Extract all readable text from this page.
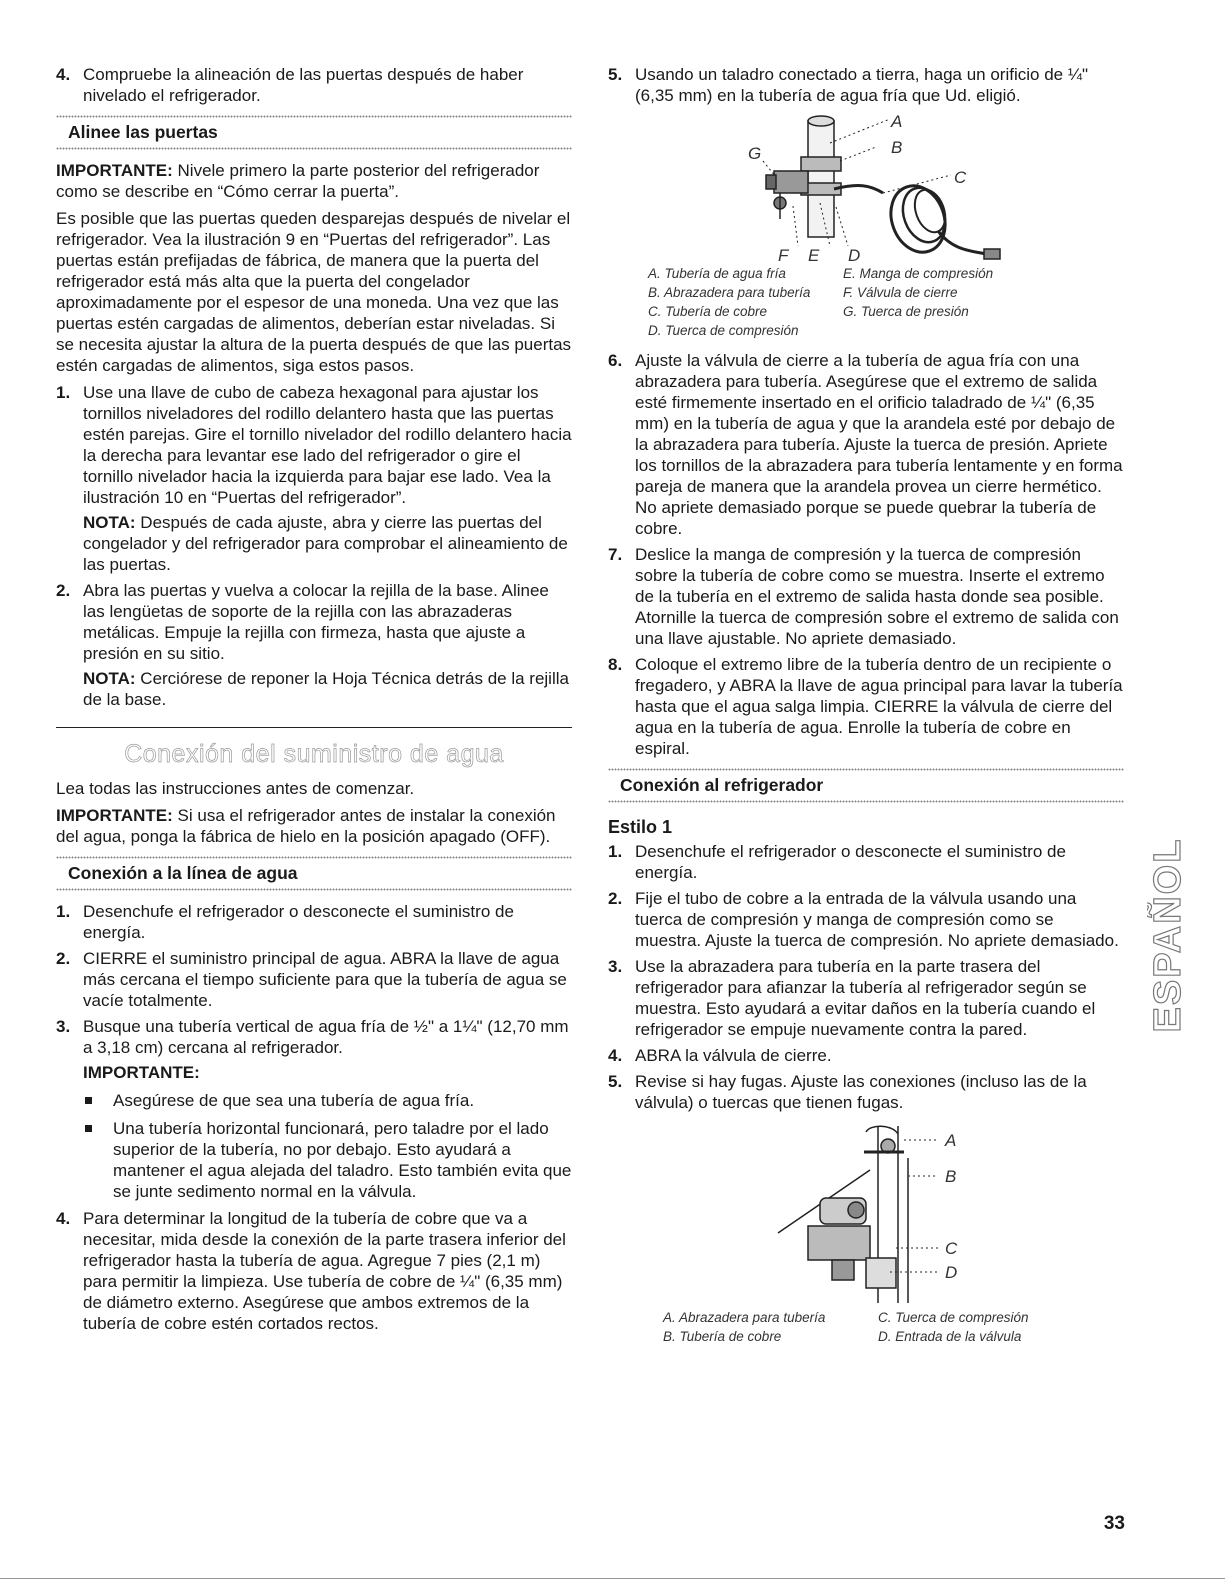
4. Compruebe la alineación de las puertas después de haber nivelado el refrigerador.
Alinee las puertas

IMPORTANTE: Nivele primero la parte posterior del refrigerador como se describe en “Cómo cerrar la puerta”.

Es posible que las puertas queden desparejas después de nivelar el refrigerador. Vea la ilustración 9 en “Puertas del refrigerador”. Las puertas están prefijadas de fábrica, de manera que la puerta del refrigerador está más alta que la puerta del congelador aproximadamente por el espesor de una moneda. Una vez que las puertas estén cargadas de alimentos, deberían estar niveladas. Si se necesita ajustar la altura de la puerta después de que las puertas estén cargadas de alimentos, siga estos pasos.

1. Use una llave de cubo de cabeza hexagonal para ajustar los tornillos niveladores del rodillo delantero hasta que las puertas estén parejas. Gire el tornillo nivelador del rodillo delantero hacia la derecha para levantar ese lado del refrigerador o gire el tornillo nivelador hacia la izquierda para bajar ese lado. Vea la ilustración 10 en “Puertas del refrigerador”.
NOTA: Después de cada ajuste, abra y cierre las puertas del congelador y del refrigerador para comprobar el alineamiento de las puertas.
2. Abra las puertas y vuelva a colocar la rejilla de la base. Alinee las lengüetas de soporte de la rejilla con las abrazaderas metálicas. Empuje la rejilla con firmeza, hasta que ajuste a presión en su sitio.
NOTA: Cerciórese de reponer la Hoja Técnica detrás de la rejilla de la base.
Conexión del suministro de agua

Lea todas las instrucciones antes de comenzar.

IMPORTANTE: Si usa el refrigerador antes de instalar la conexión del agua, ponga la fábrica de hielo en la posición apagado (OFF).

Conexión a la línea de agua
1. Desenchufe el refrigerador o desconecte el suministro de energía.
2. CIERRE el suministro principal de agua. ABRA la llave de agua más cercana el tiempo suficiente para que la tubería de agua se vacíe totalmente.
3. Busque una tubería vertical de agua fría de ½" a 1¼" (12,70 mm a 3,18 cm) cercana al refrigerador.
IMPORTANTE:
Asegúrese de que sea una tubería de agua fría.
Una tubería horizontal funcionará, pero taladre por el lado superior de la tubería, no por debajo. Esto ayudará a mantener el agua alejada del taladro. Esto también evita que se junte sedimento normal en la válvula.
4. Para determinar la longitud de la tubería de cobre que va a necesitar, mida desde la conexión de la parte trasera inferior del refrigerador hasta la tubería de agua. Agregue 7 pies (2,1 m) para permitir la limpieza. Use tubería de cobre de ¼" (6,35 mm) de diámetro externo. Asegúrese que ambos extremos de la tubería de cobre estén cortados rectos.
5. Usando un taladro conectado a tierra, haga un orificio de ¼" (6,35 mm) en la tubería de agua fría que Ud. eligió.
A
B
C
D
E
F
G
A. Tubería de agua fría	E. Manga de compresión
B. Abrazadera para tubería	F. Válvula de cierre
C. Tubería de cobre	G. Tuerca de presión
D. Tuerca de compresión
6. Ajuste la válvula de cierre a la tubería de agua fría con una abrazadera para tubería. Asegúrese que el extremo de salida esté firmemente insertado en el orificio taladrado de ¼" (6,35 mm) en la tubería de agua y que la arandela esté por debajo de la abrazadera para tubería. Ajuste la tuerca de presión. Apriete los tornillos de la abrazadera para tubería lentamente y en forma pareja de manera que la arandela provea un cierre hermético. No apriete demasiado porque se puede quebrar la tubería de cobre.
7. Deslice la manga de compresión y la tuerca de compresión sobre la tubería de cobre como se muestra. Inserte el extremo de la tubería en el extremo de salida hasta donde sea posible. Atornille la tuerca de compresión sobre el extremo de salida con una llave ajustable. No apriete demasiado.
8. Coloque el extremo libre de la tubería dentro de un recipiente o fregadero, y ABRA la llave de agua principal para lavar la tubería hasta que el agua salga limpia. CIERRE la válvula de cierre del agua en la tubería de agua. Enrolle la tubería de cobre en espiral.
Conexión al refrigerador
Estilo 1
1. Desenchufe el refrigerador o desconecte el suministro de energía.
2. Fije el tubo de cobre a la entrada de la válvula usando una tuerca de compresión y manga de compresión como se muestra. Ajuste la tuerca de compresión. No apriete demasiado.
3. Use la abrazadera para tubería en la parte trasera del refrigerador para afianzar la tubería al refrigerador según se muestra. Esto ayudará a evitar daños en la tubería cuando el refrigerador se empuje nuevamente contra la pared.
4. ABRA la válvula de cierre.
5. Revise si hay fugas. Ajuste las conexiones (incluso las de la válvula) o tuercas que tienen fugas.
A
B
C
D
A. Abrazadera para tubería	C. Tuerca de compresión
B. Tubería de cobre	D. Entrada de la válvula
ESPAÑOL
33
